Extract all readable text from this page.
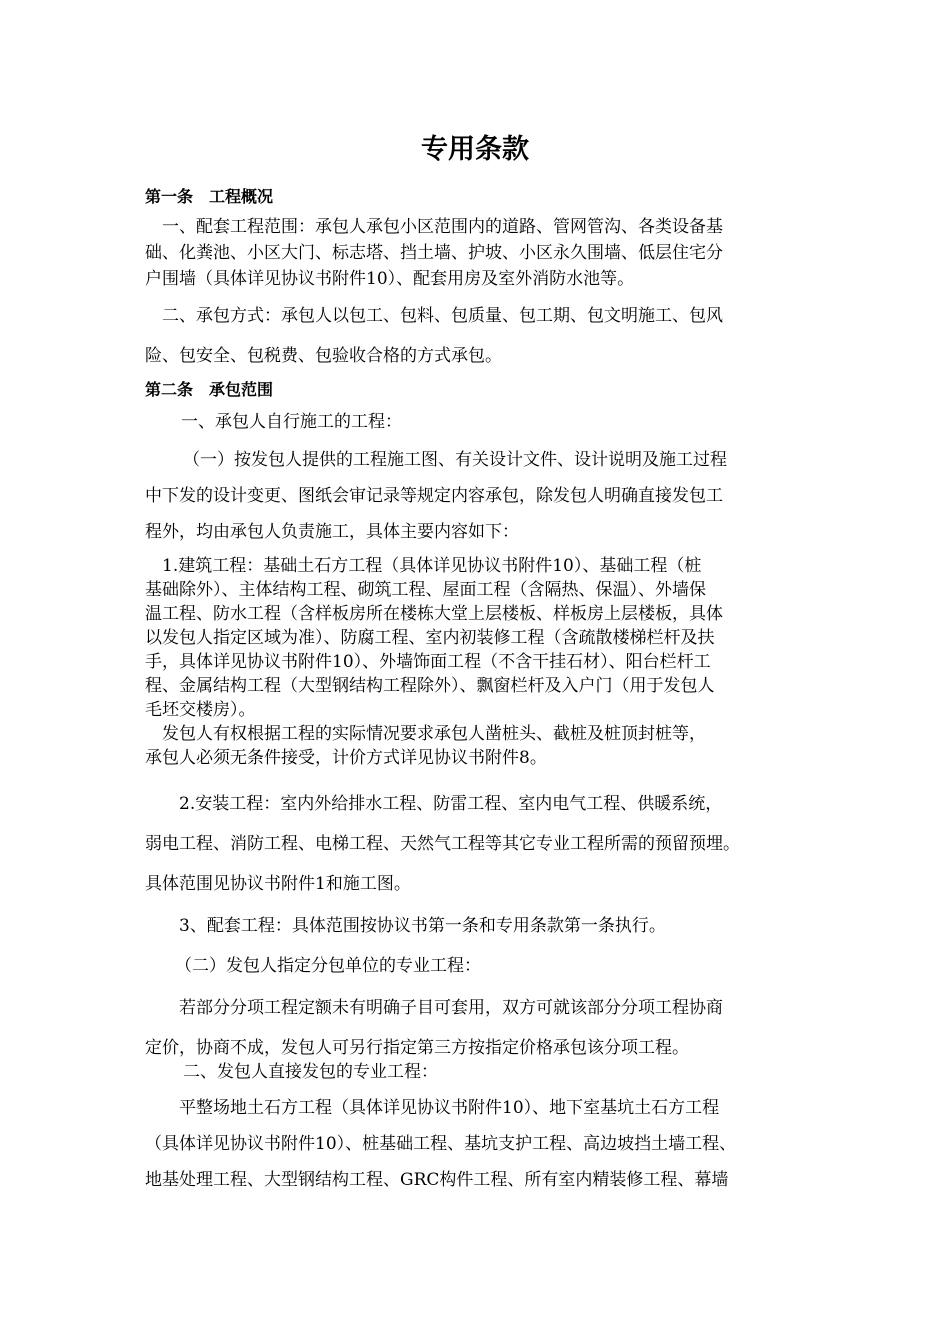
专用条款
第一条　工程概况
　一、配套工程范围：承包人承包小区范围内的道路、管网管沟、各类设备基
础、化粪池、小区大门、标志塔、挡土墙、护坡、小区永久围墙、低层住宅分
户围墙（具体详见协议书附件10）、配套用房及室外消防水池等。
　二、承包方式：承包人以包工、包料、包质量、包工期、包文明施工、包风
险、包安全、包税费、包验收合格的方式承包。
第二条　承包范围
　一、承包人自行施工的工程：
（一）按发包人提供的工程施工图、有关设计文件、设计说明及施工过程
中下发的设计变更、图纸会审记录等规定内容承包，除发包人明确直接发包工
程外，均由承包人负责施工，具体主要内容如下：
　1.建筑工程：基础土石方工程（具体详见协议书附件10）、基础工程（桩
基础除外）、主体结构工程、砌筑工程、屋面工程（含隔热、保温）、外墙保
温工程、防水工程（含样板房所在楼栋大堂上层楼板、样板房上层楼板，具体
以发包人指定区域为准）、防腐工程、室内初装修工程（含疏散楼梯栏杆及扶
手，具体详见协议书附件10）、外墙饰面工程（不含干挂石材）、阳台栏杆工
程、金属结构工程（大型钢结构工程除外）、飘窗栏杆及入户门（用于发包人
毛坯交楼房）。
　发包人有权根据工程的实际情况要求承包人凿桩头、截桩及桩顶封桩等，
承包人必须无条件接受，计价方式详见协议书附件8。
2.安装工程：室内外给排水工程、防雷工程、室内电气工程、供暖系统，
弱电工程、消防工程、电梯工程、天然气工程等其它专业工程所需的预留预埋。
具体范围见协议书附件1和施工图。
3、配套工程：具体范围按协议书第一条和专用条款第一条执行。
（二）发包人指定分包单位的专业工程：
若部分分项工程定额未有明确子目可套用，双方可就该部分分项工程协商
定价，协商不成，发包人可另行指定第三方按指定价格承包该分项工程。
二、发包人直接发包的专业工程：
平整场地土石方工程（具体详见协议书附件10）、地下室基坑土石方工程
（具体详见协议书附件10）、桩基础工程、基坑支护工程、高边坡挡土墙工程、
地基处理工程、大型钢结构工程、GRC构件工程、所有室内精装修工程、幕墙
